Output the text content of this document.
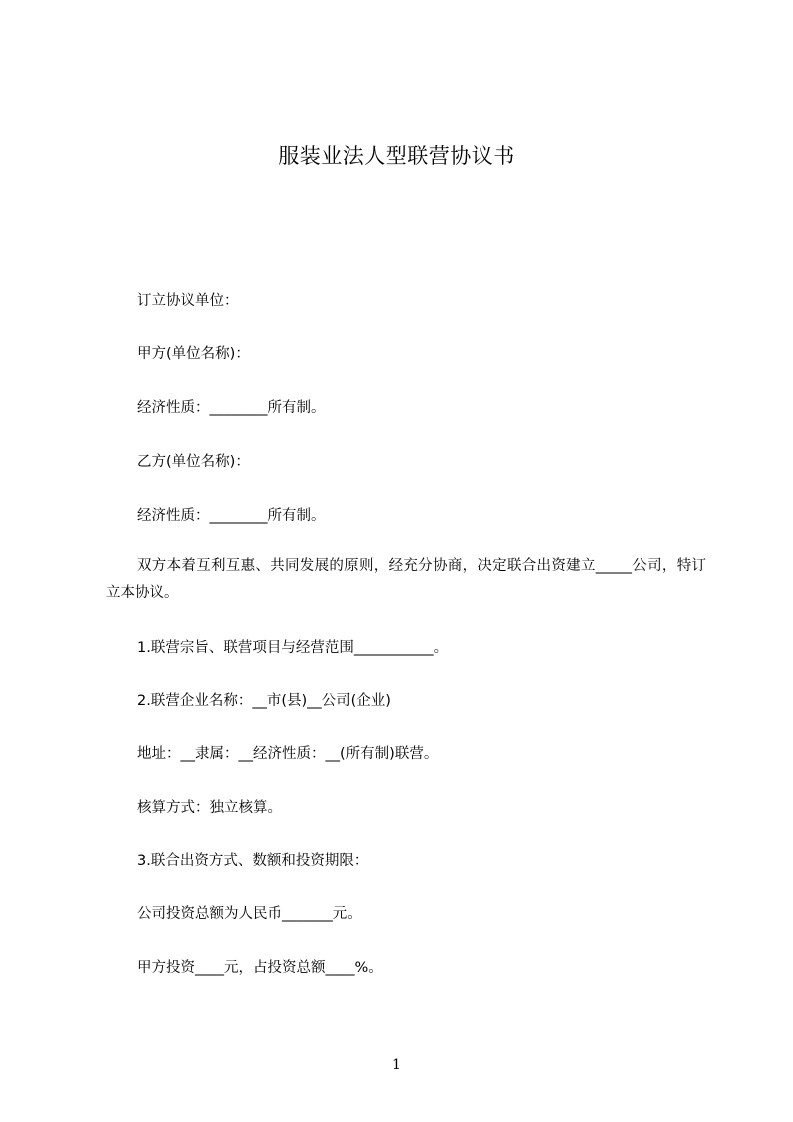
服装业法人型联营协议书
订立协议单位：
甲方(单位名称)：
经济性质：________所有制。
乙方(单位名称)：
经济性质：________所有制。
双方本着互利互惠、共同发展的原则，经充分协商，决定联合出资建立_____公司，特订立本协议。
1.联营宗旨、联营项目与经营范围___________。
2.联营企业名称：__市(县)__公司(企业)
地址：__隶属：__经济性质：__(所有制)联营。
核算方式：独立核算。
3.联合出资方式、数额和投资期限：
公司投资总额为人民币_______元。
甲方投资____元，占投资总额____%。
1
